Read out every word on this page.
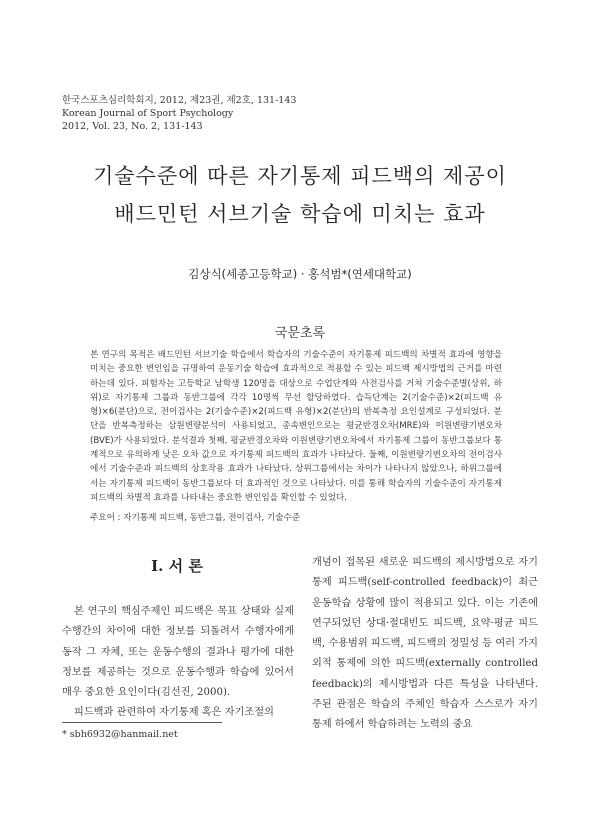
한국스포츠심리학회지, 2012, 제23권, 제2호, 131-143
Korean Journal of Sport Psychology
2012, Vol. 23, No. 2, 131-143
기술수준에 따른 자기통제 피드백의 제공이
배드민턴 서브기술 학습에 미치는 효과
김상식(세종고등학교) · 홍석범*(연세대학교)
국문초록

본 연구의 목적은 배드민턴 서브기술 학습에서 학습자의 기술수준이 자기통제 피드백의 차별적 효과에 영향을 미치는 중요한 변인임을 규명하여 운동기술 학습에 효과적으로 적용할 수 있는 피드백 제시방법의 근거를 마련하는데 있다. 피험자는 고등학교 남학생 120명을 대상으로 수업단계와 사전검사를 거쳐 기술수준별(상위, 하위)로 자기통제 그룹과 동반그룹에 각각 10명씩 무선 할당하였다. 습득단계는 2(기술수준)×2(피드백 유형)×6(분단)으로, 전이검사는 2(기술수준)×2(피드백 유형)×2(분단)의 반복측정 요인설계로 구성되었다. 분단을 반복측정하는 삼원변량분석이 사용되었고, 종속변인으로는 평균반경오차(MRE)와 이원변량기변오차(BVE)가 사용되었다. 분석결과 첫째, 평균반경오차와 이원변량기변오차에서 자기통제 그룹이 동반그룹보다 통계적으로 유의하게 낮은 오차 값으로 자기통제 피드백의 효과가 나타났다. 둘째, 이원변량기변오차의 전이검사에서 기술수준과 피드백의 상호작용 효과가 나타났다. 상위그룹에서는 차이가 나타나지 않았으나, 하위그룹에서는 자기통제 피드백이 동반그룹보다 더 효과적인 것으로 나타났다. 이를 통해 학습자의 기술수준이 자기통제 피드백의 차별적 효과를 나타내는 중요한 변인임을 확인할 수 있었다.

주요어 : 자기통제 피드백, 동반그룹, 전이검사, 기술수준
I. 서 론

본 연구의 핵심주제인 피드백은 목표 상태와 실제 수행간의 차이에 대한 정보를 되돌려서 수행자에게 동작 그 자체, 또는 운동수행의 결과나 평가에 대한 정보를 제공하는 것으로 운동수행과 학습에 있어서 매우 중요한 요인이다(김선진, 2000).

피드백과 관련하여 자기통제 혹은 자기조절의

개념이 접목된 새로운 피드백의 제시방법으로 자기통제 피드백(self-controlled feedback)이 최근 운동학습 상황에 많이 적용되고 있다. 이는 기존에 연구되었던 상대·절대빈도 피드백, 요약·평균 피드백, 수용범위 피드백, 피드백의 정밀성 등 여러 가지 외적 통제에 의한 피드백(externally controlled feedback)의 제시방법과 다른 특성을 나타낸다. 주된 관점은 학습의 주체인 학습자 스스로가 자기통제 하에서 학습하려는 노력의 중요

* sbh6932@hanmail.net
